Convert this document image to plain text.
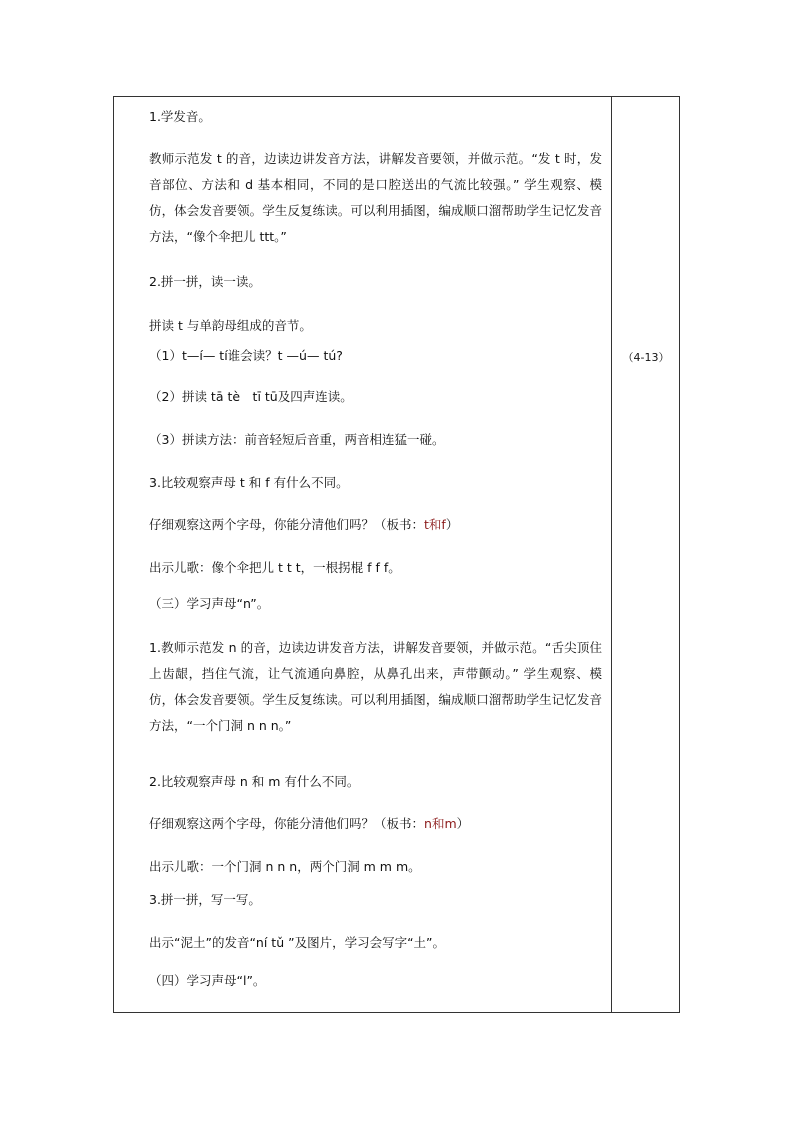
（4-13）
1.学发音。
教师示范发 t 的音，边读边讲发音方法，讲解发音要领，并做示范。“发 t 时，发音部位、方法和 d 基本相同，不同的是口腔送出的气流比较强。” 学生观察、模仿，体会发音要领。学生反复练读。可以利用插图，编成顺口溜帮助学生记忆发音方法，“像个伞把儿 ttt。”
2.拼一拼，读一读。
拼读 t 与单韵母组成的音节。
（1）t—í— tí谁会读？t —ú— tú?
（2）拼读 tā tè　tī tū及四声连读。
（3）拼读方法：前音轻短后音重，两音相连猛一碰。
3.比较观察声母 t 和 f 有什么不同。
仔细观察这两个字母，你能分清他们吗？（板书：t和f）
出示儿歌：像个伞把儿 t t t，一根拐棍 f f f。
（三）学习声母“n”。
1.教师示范发 n 的音，边读边讲发音方法，讲解发音要领，并做示范。“舌尖顶住上齿龈，挡住气流，让气流通向鼻腔，从鼻孔出来，声带颤动。” 学生观察、模仿，体会发音要领。学生反复练读。可以利用插图，编成顺口溜帮助学生记忆发音方法，“一个门洞 n n n。”
2.比较观察声母 n 和 m 有什么不同。
仔细观察这两个字母，你能分清他们吗？（板书：n和m）
出示儿歌：一个门洞 n n n，两个门洞 m m m。
3.拼一拼，写一写。
出示“泥土”的发音“ní tǔ ”及图片，学习会写字“土”。
（四）学习声母“l”。
